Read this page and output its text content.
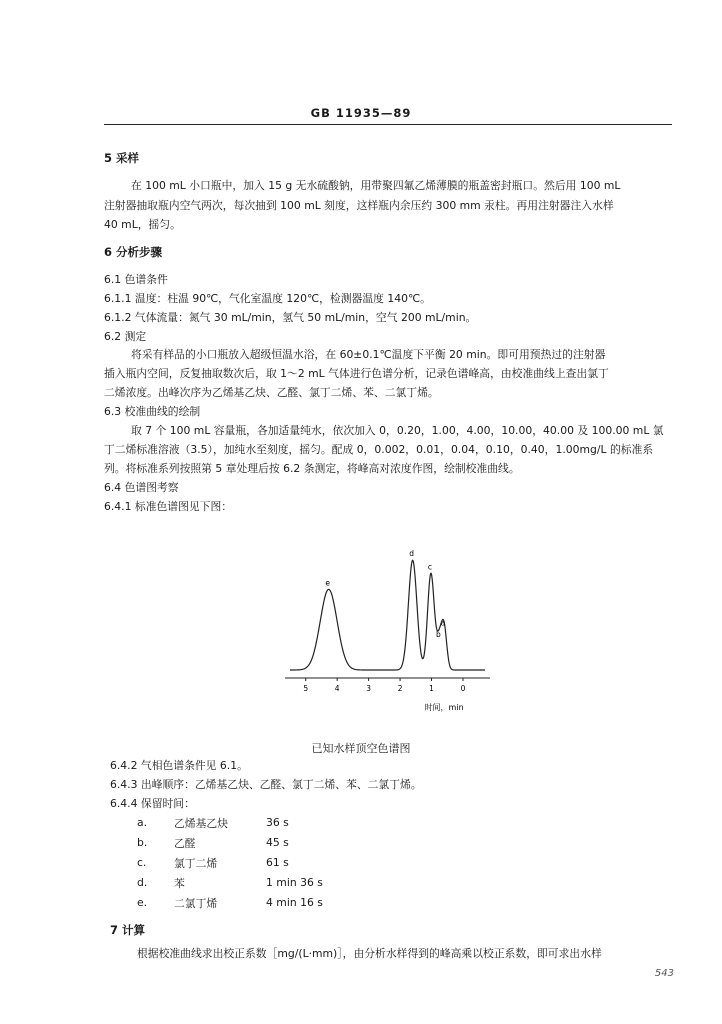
GB 11935—89
5 采样
在 100 mL 小口瓶中，加入 15 g 无水硫酸钠，用带聚四氟乙烯薄膜的瓶盖密封瓶口。然后用 100 mL
注射器抽取瓶内空气两次，每次抽到 100 mL 刻度，这样瓶内余压约 300 mm 汞柱。再用注射器注入水样
40 mL，摇匀。
6 分析步骤
6.1 色谱条件
6.1.1 温度：柱温 90℃，气化室温度 120℃，检测器温度 140℃。
6.1.2 气体流量：氮气 30 mL/min，氢气 50 mL/min，空气 200 mL/min。
6.2 测定
将采有样品的小口瓶放入超级恒温水浴，在 60±0.1℃温度下平衡 20 min。即可用预热过的注射器
插入瓶内空间，反复抽取数次后，取 1～2 mL 气体进行色谱分析，记录色谱峰高，由校准曲线上查出氯丁
二烯浓度。出峰次序为乙烯基乙炔、乙醛、氯丁二烯、苯、二氯丁烯。
6.3 校准曲线的绘制
取 7 个 100 mL 容量瓶，各加适量纯水，依次加入 0，0.20，1.00，4.00，10.00，40.00 及 100.00 mL 氯
丁二烯标准溶液（3.5），加纯水至刻度，摇匀。配成 0，0.002，0.01，0.04，0.10，0.40，1.00mg/L 的标准系
列。将标准系列按照第 5 章处理后按 6.2 条测定，将峰高对浓度作图，绘制校准曲线。
6.4 色谱图考察
6.4.1 标准色谱图见下图：
5	4	3	2	1	0
时间，min
a
b
c
d
e
已知水样顶空色谱图
6.4.2 气相色谱条件见 6.1。
6.4.3 出峰顺序：乙烯基乙炔、乙醛、氯丁二烯、苯、二氯丁烯。
6.4.4 保留时间：
a. 乙烯基乙炔	36 s
b. 乙醛	45 s
c.	氯丁二烯	61 s
d. 苯	1 min 36 s
e. 二氯丁烯	4 min 16 s
7 计算
根据校准曲线求出校正系数［mg/(L·mm)］，由分析水样得到的峰高乘以校正系数，即可求出水样
543
